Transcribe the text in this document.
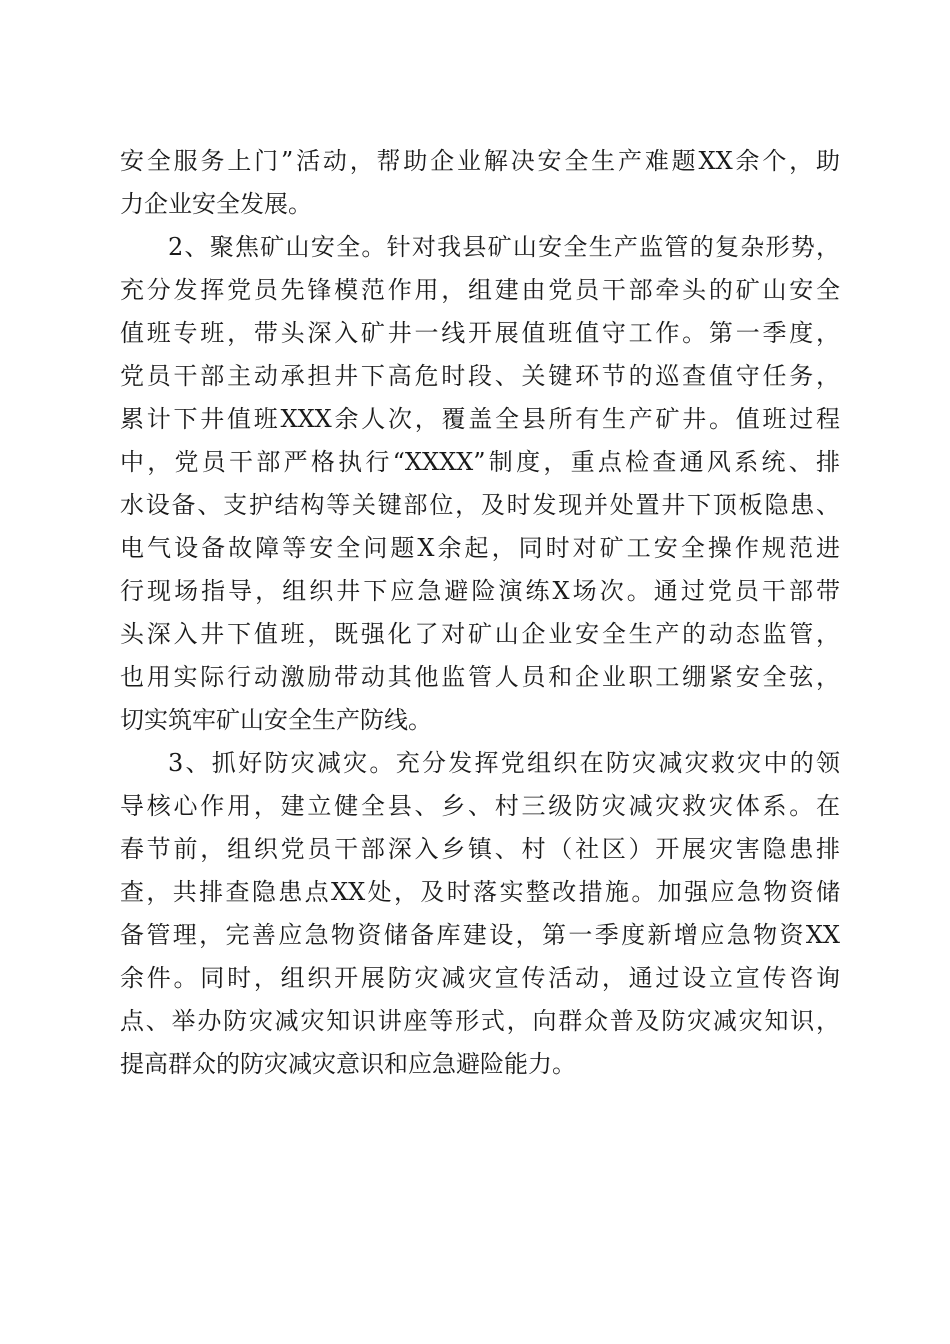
安全服务上门”活动，帮助企业解决安全生产难题XX余个，助
力企业安全发展。
2、聚焦矿山安全。针对我县矿山安全生产监管的复杂形势，
充分发挥党员先锋模范作用，组建由党员干部牵头的矿山安全
值班专班，带头深入矿井一线开展值班值守工作。第一季度，
党员干部主动承担井下高危时段、关键环节的巡查值守任务，
累计下井值班XXX余人次，覆盖全县所有生产矿井。值班过程
中，党员干部严格执行“XXXX”制度，重点检查通风系统、排
水设备、支护结构等关键部位，及时发现并处置井下顶板隐患、
电气设备故障等安全问题X余起，同时对矿工安全操作规范进
行现场指导，组织井下应急避险演练X场次。通过党员干部带
头深入井下值班，既强化了对矿山企业安全生产的动态监管，
也用实际行动激励带动其他监管人员和企业职工绷紧安全弦，
切实筑牢矿山安全生产防线。
3、抓好防灾减灾。充分发挥党组织在防灾减灾救灾中的领
导核心作用，建立健全县、乡、村三级防灾减灾救灾体系。在
春节前，组织党员干部深入乡镇、村（社区）开展灾害隐患排
查，共排查隐患点XX处，及时落实整改措施。加强应急物资储
备管理，完善应急物资储备库建设，第一季度新增应急物资XX
余件。同时，组织开展防灾减灾宣传活动，通过设立宣传咨询
点、举办防灾减灾知识讲座等形式，向群众普及防灾减灾知识，
提高群众的防灾减灾意识和应急避险能力。
